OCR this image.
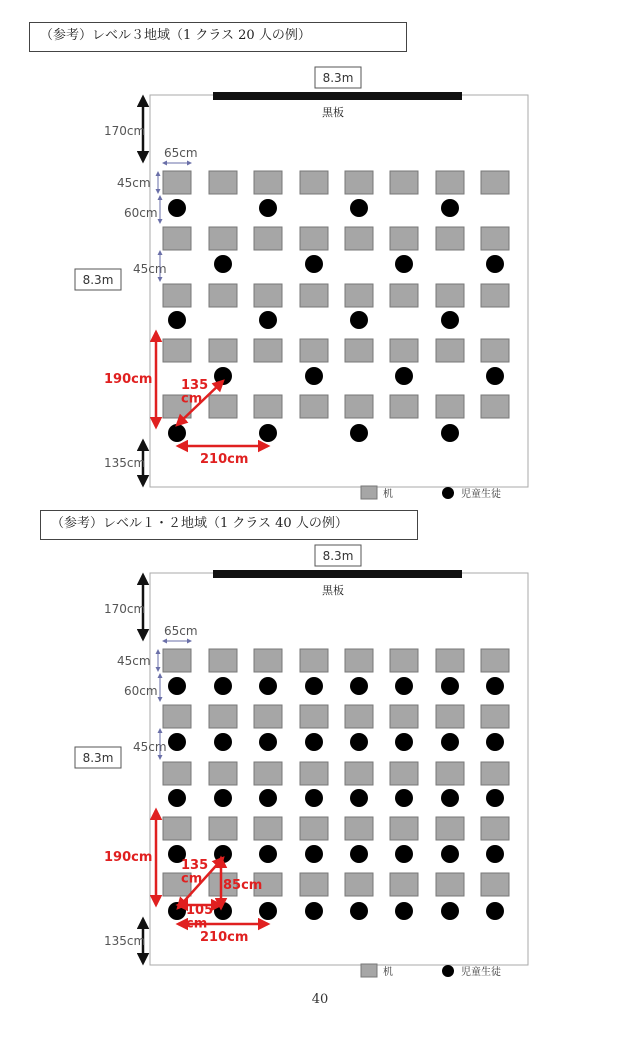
（参考）レベル３地域（1 クラス 20 人の例）
黒板
8.3m
8.3m
170cm
65cm
45cm
60cm
45cm
190cm
135cm	210cm
135 cm
机	児童生徒
（参考）レベル１・２地域（1 クラス 40 人の例）
黒板
8.3m
8.3m
170cm
65cm
45cm
60cm
45cm
190cm
135cm	210cm
135 cm	85cm
105 cm
机	児童生徒
40
